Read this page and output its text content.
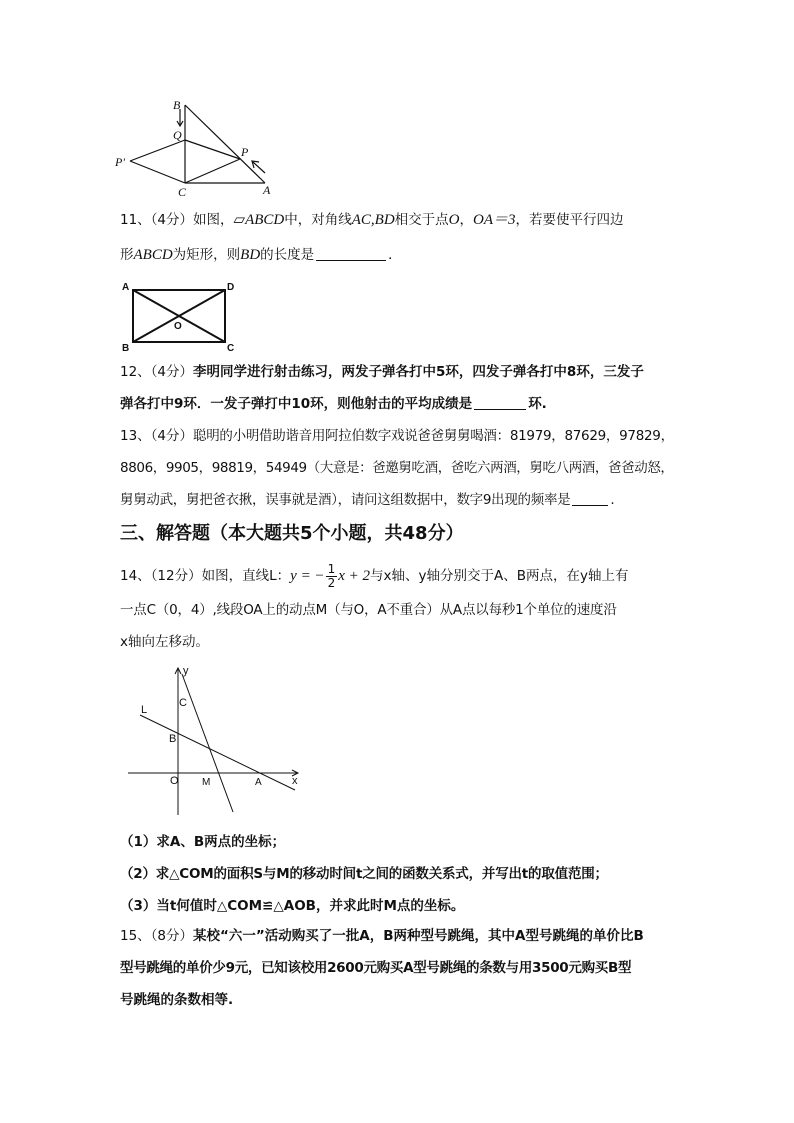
B
Q
P
P'
C	A
11、（4分）如图，▱ABCD中，对角线AC,BD相交于点O，OA＝3，若要使平行四边
形ABCD为矩形，则BD的长度是	．
A	D
O
B	C
12、（4分）李明同学进行射击练习，两发子弹各打中5环，四发子弹各打中8环，三发子
弹各打中9环．一发子弹打中10环，则他射击的平均成绩是	环.
13、（4分）聪明的小明借助谐音用阿拉伯数字戏说爸爸舅舅喝酒：81979，87629，97829，
8806，9905，98819，54949（大意是：爸邀舅吃酒，爸吃六两酒，舅吃八两酒，爸爸动怒，
舅舅动武，舅把爸衣揪，误事就是酒），请问这组数据中，数字9出现的频率是	.
三、解答题（本大题共5个小题，共48分）
14、（12分）如图，直线L：y = − $\frac{1}{2}$ x + 2与x轴、y轴分别交于A、B两点，在y轴上有
一点C（0，4）,线段OA上的动点M（与O，A不重合）从A点以每秒1个单位的速度沿
x轴向左移动。
y
x
C
L
B
O M	A
（1）求A、B两点的坐标；
（2）求△COM的面积S与M的移动时间t之间的函数关系式，并写出t的取值范围；
（3）当t何值时△COM≌△AOB，并求此时M点的坐标。
15、（8分）某校“六一”活动购买了一批A，B两种型号跳绳，其中A型号跳绳的单价比B
型号跳绳的单价少9元，已知该校用2600元购买A型号跳绳的条数与用3500元购买B型
号跳绳的条数相等.
